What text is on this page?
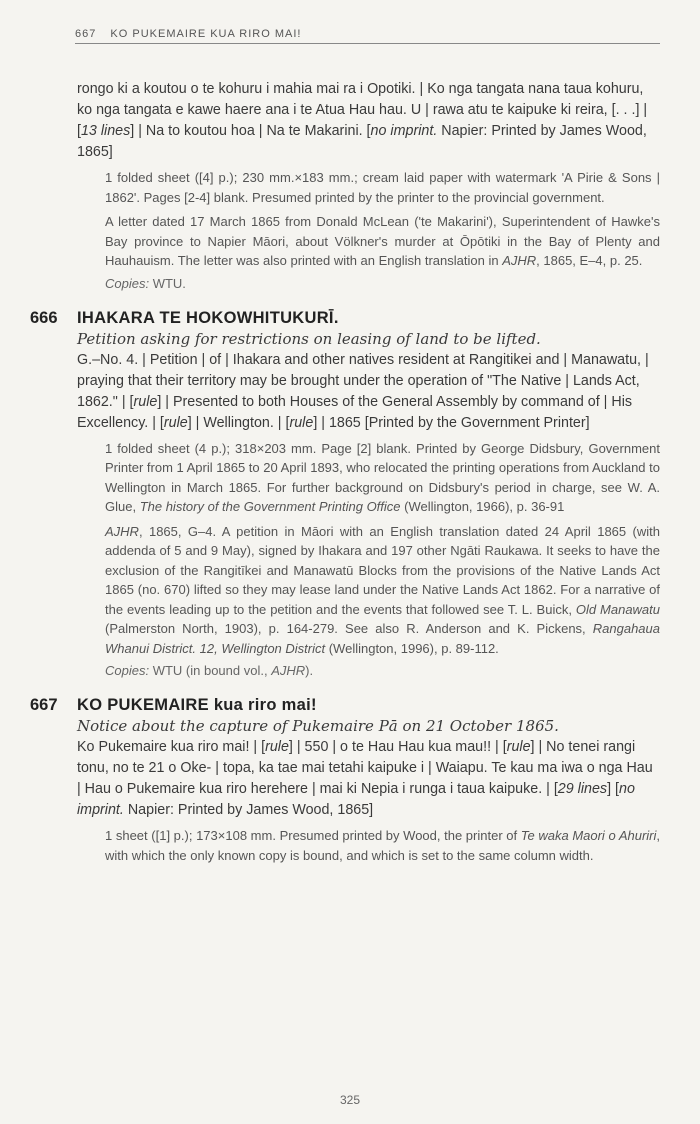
667 KO PUKEMAIRE KUA RIRO MAI!
rongo ki a koutou o te kohuru i mahia mai ra i Opotiki. | Ko nga tangata nana taua kohuru, ko nga tangata e kawe haere ana i te Atua Hau hau. U | rawa atu te kaipuke ki reira, [. . .] | [13 lines] | Na to koutou hoa | Na te Makarini. [no imprint. Napier: Printed by James Wood, 1865]

1 folded sheet ([4] p.); 230 mm.×183 mm.; cream laid paper with watermark 'A Pirie & Sons | 1862'. Pages [2-4] blank. Presumed printed by the printer to the provincial government.

A letter dated 17 March 1865 from Donald McLean ('te Makarini'), Superintendent of Hawke's Bay province to Napier Māori, about Völkner's murder at Ōpōtiki in the Bay of Plenty and Hauhauism. The letter was also printed with an English translation in AJHR, 1865, E–4, p. 25.

Copies: WTU.

666	IHAKARA TE HOKOWHITUKURĪ.
Petition asking for restrictions on leasing of land to be lifted.
G.–No. 4. | Petition | of | Ihakara and other natives resident at Rangitikei and | Manawatu, | praying that their territory may be brought under the operation of "The Native | Lands Act, 1862." | [rule] | Presented to both Houses of the General Assembly by command of | His Excellency. | [rule] | Wellington. | [rule] | 1865 [Printed by the Government Printer]

1 folded sheet (4 p.); 318×203 mm. Page [2] blank. Printed by George Didsbury, Government Printer from 1 April 1865 to 20 April 1893, who relocated the printing operations from Auckland to Wellington in March 1865. For further background on Didsbury's period in charge, see W. A. Glue, The history of the Government Printing Office (Wellington, 1966), p. 36-91

AJHR, 1865, G–4. A petition in Māori with an English translation dated 24 April 1865 (with addenda of 5 and 9 May), signed by Ihakara and 197 other Ngāti Raukawa. It seeks to have the exclusion of the Rangitīkei and Manawatū Blocks from the provisions of the Native Lands Act 1865 (no. 670) lifted so they may lease land under the Native Lands Act 1862. For a narrative of the events leading up to the petition and the events that followed see T. L. Buick, Old Manawatu (Palmerston North, 1903), p. 164-279. See also R. Anderson and K. Pickens, Rangahaua Whanui District. 12, Wellington District (Wellington, 1996), p. 89-112.

Copies: WTU (in bound vol., AJHR).

667	KO PUKEMAIRE kua riro mai!
Notice about the capture of Pukemaire Pā on 21 October 1865.
Ko Pukemaire kua riro mai! | [rule] | 550 | o te Hau Hau kua mau!! | [rule] | No tenei rangi tonu, no te 21 o Oke- | topa, ka tae mai tetahi kaipuke i | Waiapu. Te kau ma iwa o nga Hau | Hau o Pukemaire kua riro herehere | mai ki Nepia i runga i taua kaipuke. | [29 lines] [no imprint. Napier: Printed by James Wood, 1865]

1 sheet ([1] p.); 173×108 mm. Presumed printed by Wood, the printer of Te waka Maori o Ahuriri, with which the only known copy is bound, and which is set to the same column width.

325
